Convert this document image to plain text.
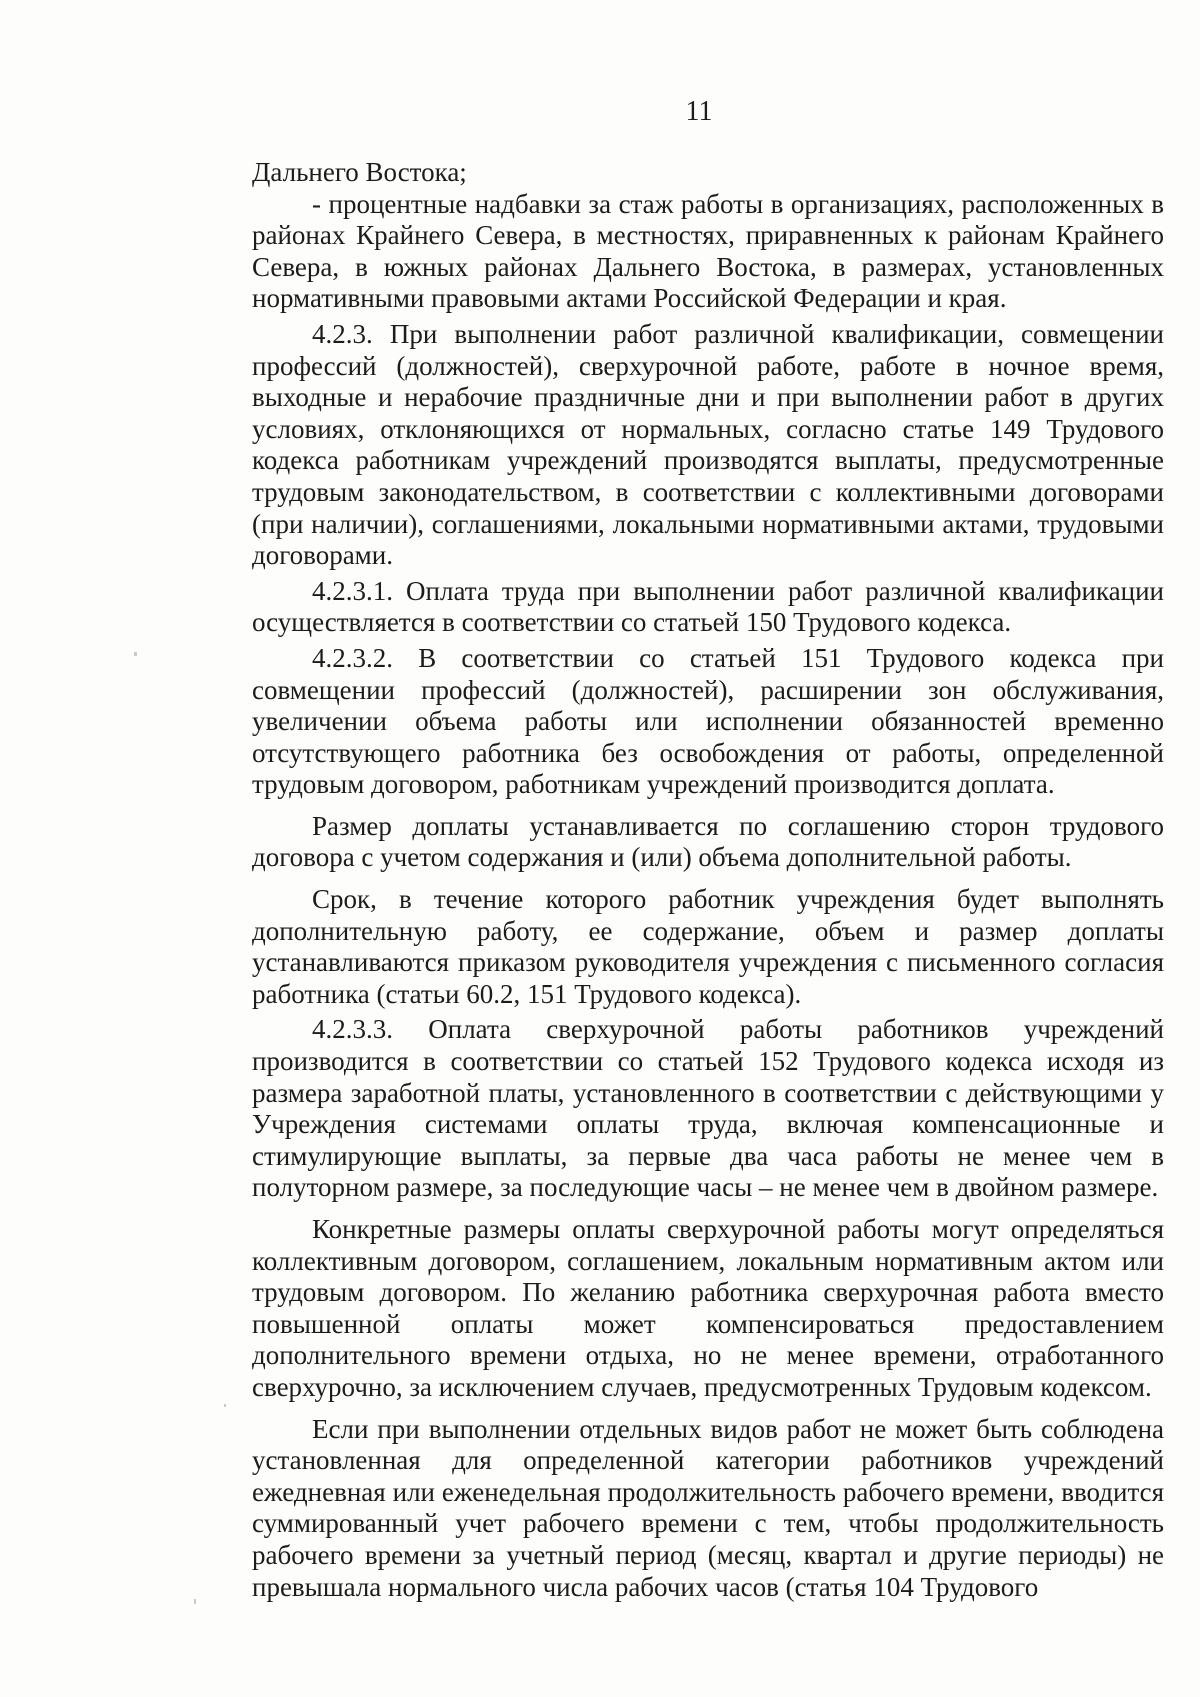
11

Дальнего Востока;

- процентные надбавки за стаж работы в организациях, расположенных в районах Крайнего Севера, в местностях, приравненных к районам Крайнего Севера, в южных районах Дальнего Востока, в размерах, установленных нормативными правовыми актами Российской Федерации и края.

4.2.3. При выполнении работ различной квалификации, совмещении профессий (должностей), сверхурочной работе, работе в ночное время, выходные и нерабочие праздничные дни и при выполнении работ в других условиях, отклоняющихся от нормальных, согласно статье 149 Трудового кодекса работникам учреждений производятся выплаты, предусмотренные трудовым законодательством, в соответствии с коллективными договорами (при наличии), соглашениями, локальными нормативными актами, трудовыми договорами.

4.2.3.1. Оплата труда при выполнении работ различной квалификации осуществляется в соответствии со статьей 150 Трудового кодекса.

4.2.3.2. В соответствии со статьей 151 Трудового кодекса при совмещении профессий (должностей), расширении зон обслуживания, увеличении объема работы или исполнении обязанностей временно отсутствующего работника без освобождения от работы, определенной трудовым договором, работникам учреждений производится доплата.

Размер доплаты устанавливается по соглашению сторон трудового договора с учетом содержания и (или) объема дополнительной работы.

Срок, в течение которого работник учреждения будет выполнять дополнительную работу, ее содержание, объем и размер доплаты устанавливаются приказом руководителя учреждения с письменного согласия работника (статьи 60.2, 151 Трудового кодекса).

4.2.3.3. Оплата сверхурочной работы работников учреждений производится в соответствии со статьей 152 Трудового кодекса исходя из размера заработной платы, установленного в соответствии с действующими у Учреждения системами оплаты труда, включая компенсационные и стимулирующие выплаты, за первые два часа работы не менее чем в полуторном размере, за последующие часы – не менее чем в двойном размере.

Конкретные размеры оплаты сверхурочной работы могут определяться коллективным договором, соглашением, локальным нормативным актом или трудовым договором. По желанию работника сверхурочная работа вместо повышенной оплаты может компенсироваться предоставлением дополнительного времени отдыха, но не менее времени, отработанного сверхурочно, за исключением случаев, предусмотренных Трудовым кодексом.

Если при выполнении отдельных видов работ не может быть соблюдена установленная для определенной категории работников учреждений ежедневная или еженедельная продолжительность рабочего времени, вводится суммированный учет рабочего времени с тем, чтобы продолжительность рабочего времени за учетный период (месяц, квартал и другие периоды) не превышала нормального числа рабочих часов (статья 104 Трудового
